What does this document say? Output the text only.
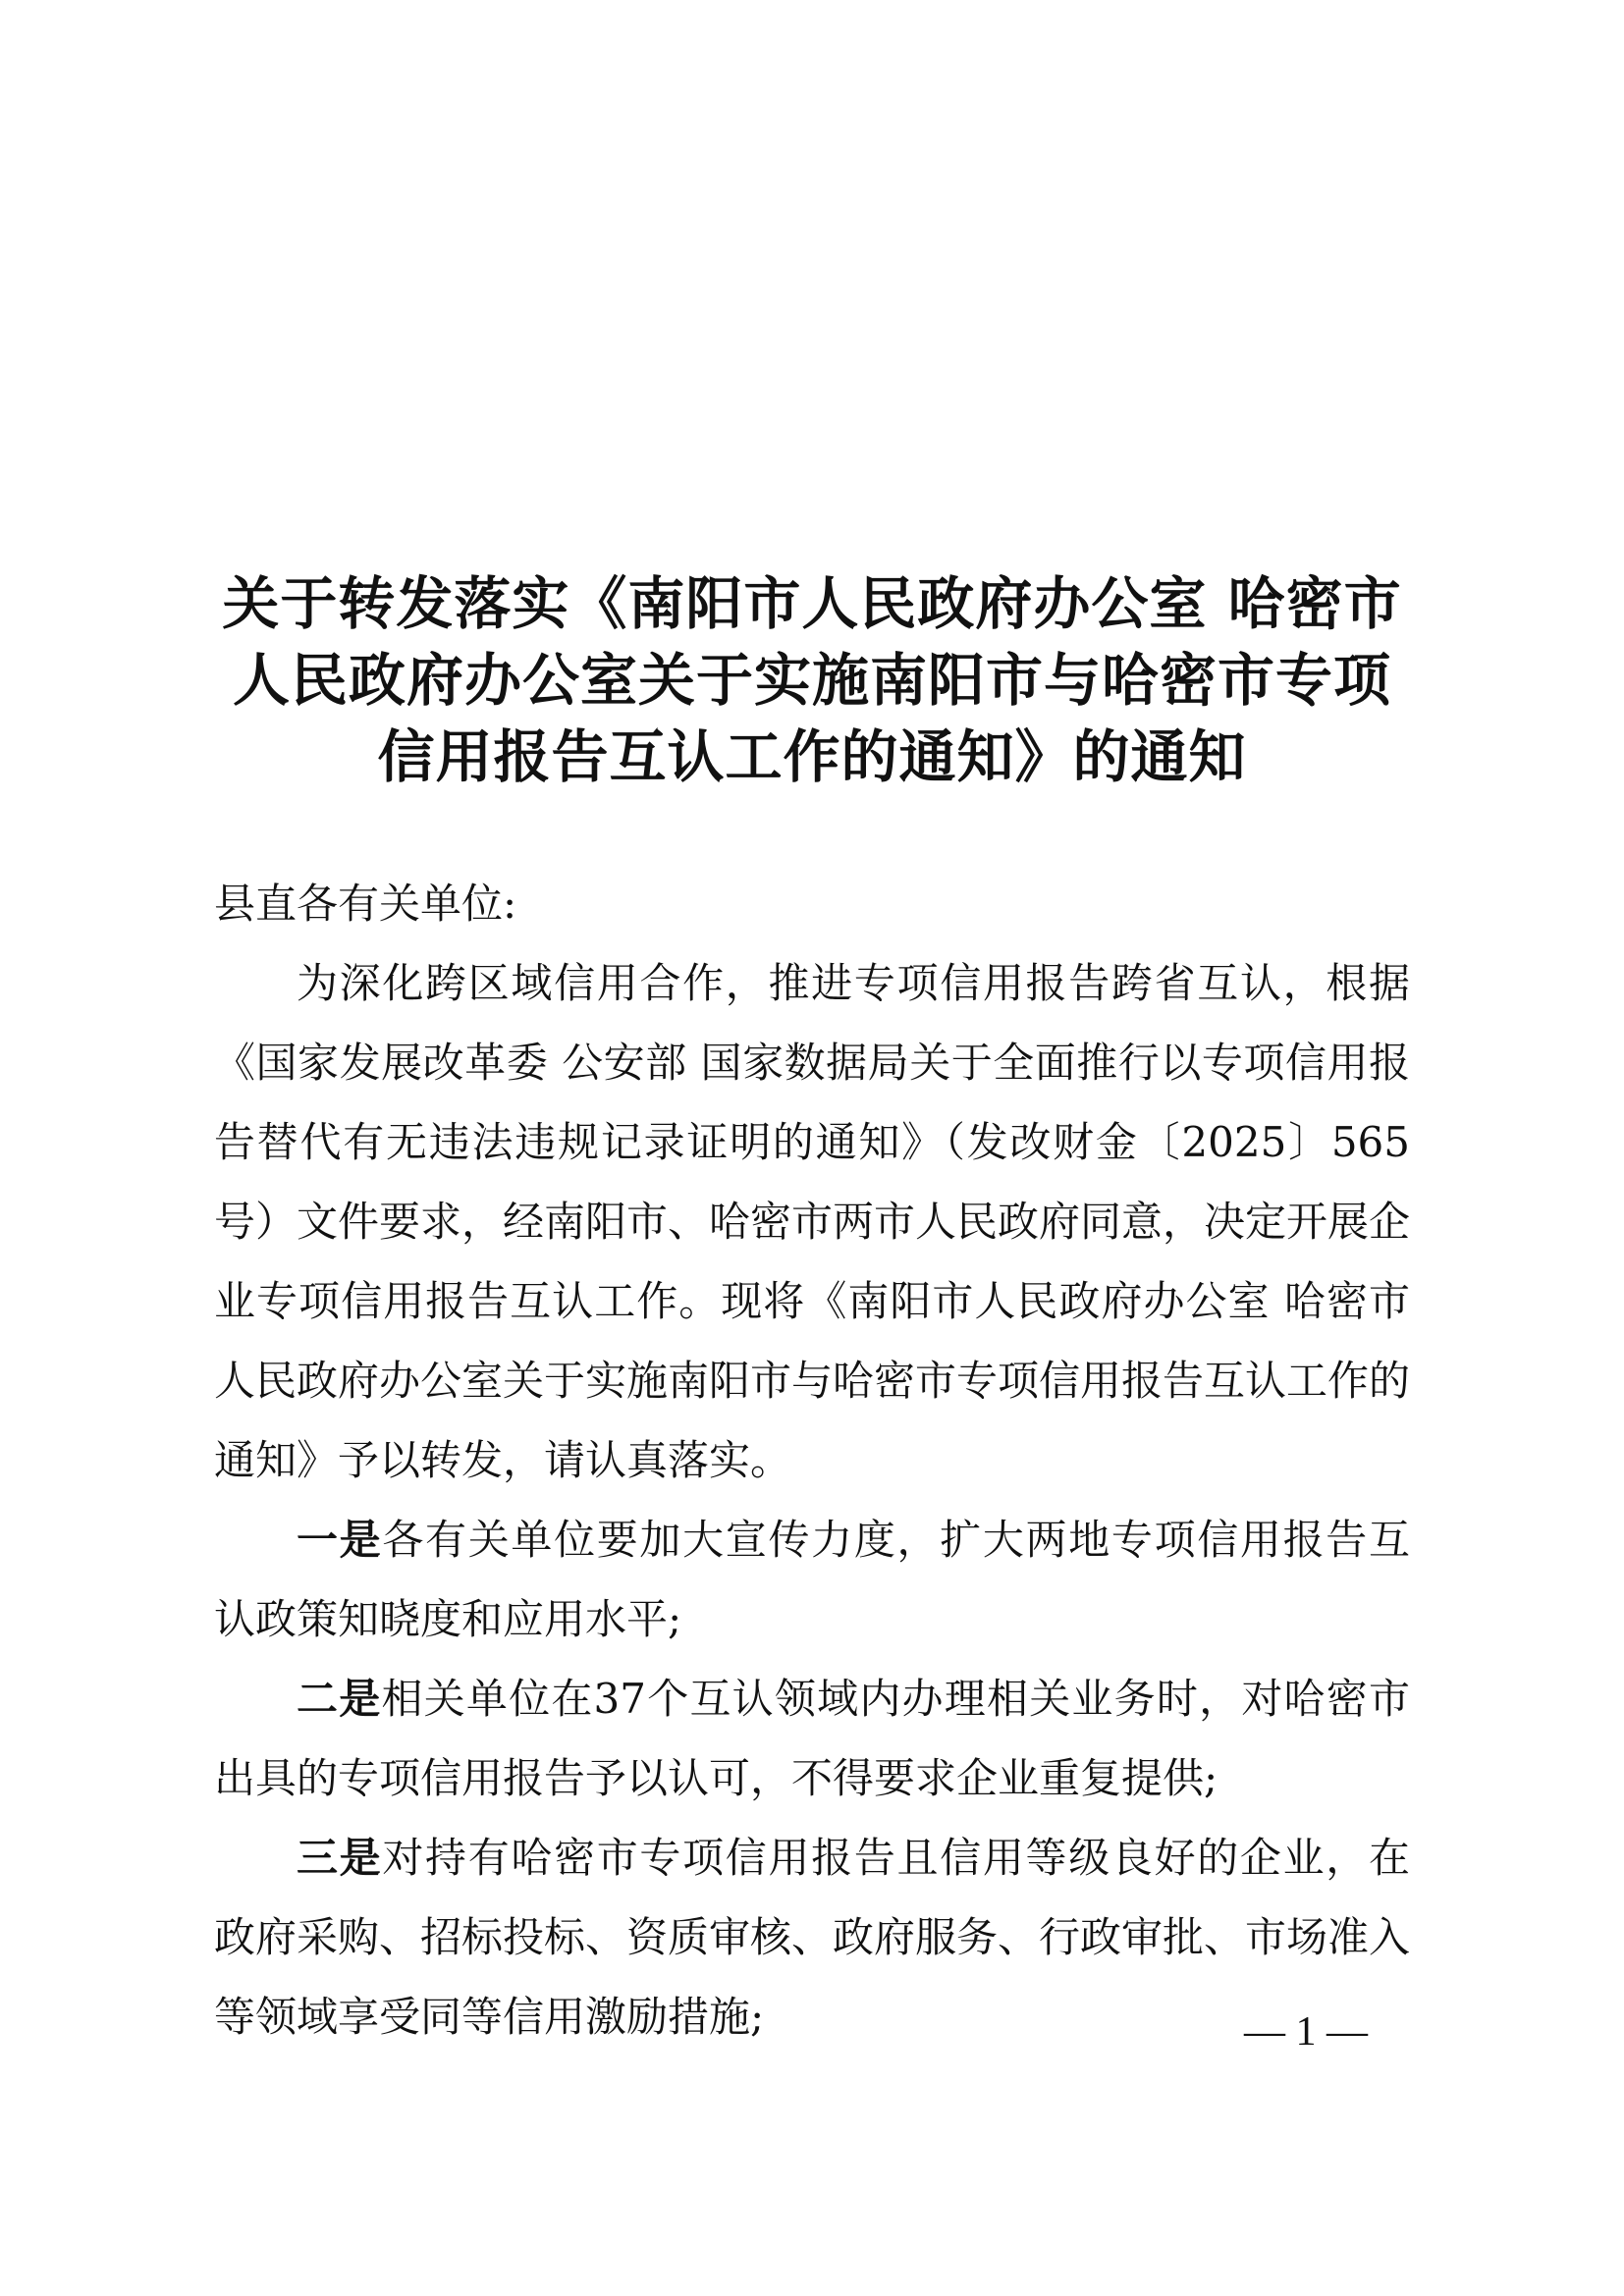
关于转发落实《南阳市人民政府办公室 哈密市
人民政府办公室关于实施南阳市与哈密市专项
信用报告互认工作的通知》的通知

县直各有关单位:

为深化跨区域信用合作，推进专项信用报告跨省互认，根据《国家发展改革委 公安部 国家数据局关于全面推行以专项信用报告替代有无违法违规记录证明的通知》（发改财金〔2025〕565号）文件要求，经南阳市、哈密市两市人民政府同意，决定开展企业专项信用报告互认工作。现将《南阳市人民政府办公室 哈密市人民政府办公室关于实施南阳市与哈密市专项信用报告互认工作的通知》予以转发，请认真落实。

一是各有关单位要加大宣传力度，扩大两地专项信用报告互认政策知晓度和应用水平;

二是相关单位在37个互认领域内办理相关业务时，对哈密市出具的专项信用报告予以认可，不得要求企业重复提供;

三是对持有哈密市专项信用报告且信用等级良好的企业，在政府采购、招标投标、资质审核、政府服务、行政审批、市场准入等领域享受同等信用激励措施;	— 1 —
